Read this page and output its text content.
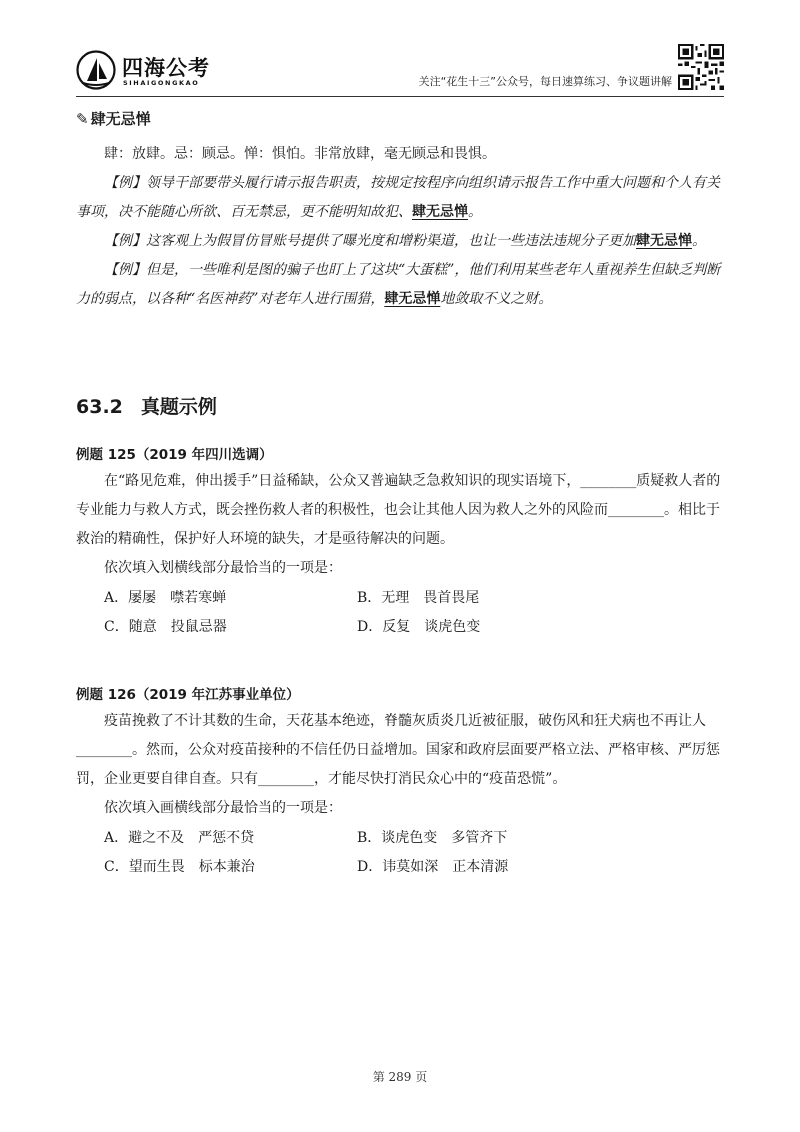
四海公考
SIHAIGONGKAO	关注“花生十三”公众号，每日速算练习、争议题讲解
✎ 肆无忌惮

肆：放肆。忌：顾忌。惮：惧怕。非常放肆，毫无顾忌和畏惧。

【例】领导干部要带头履行请示报告职责，按规定按程序向组织请示报告工作中重大问题和个人有关事项，决不能随心所欲、百无禁忌，更不能明知故犯、肆无忌惮。

【例】这客观上为假冒仿冒账号提供了曝光度和增粉渠道，也让一些违法违规分子更加肆无忌惮。

【例】但是，一些唯利是图的骗子也盯上了这块“大蛋糕”，他们利用某些老年人重视养生但缺乏判断力的弱点，以各种“名医神药”对老年人进行围猎，肆无忌惮地敛取不义之财。

63.2 真题示例
例题 125（2019 年四川选调）

在“路见危难，伸出援手”日益稀缺，公众又普遍缺乏急救知识的现实语境下，________质疑救人者的专业能力与救人方式，既会挫伤救人者的积极性，也会让其他人因为救人之外的风险而________。相比于救治的精确性，保护好人环境的缺失，才是亟待解决的问题。

依次填入划横线部分最恰当的一项是：

A．屡屡　噤若寒蝉	B．无理　畏首畏尾
C．随意　投鼠忌器	D．反复　谈虎色变
例题 126（2019 年江苏事业单位）

疫苗挽救了不计其数的生命，天花基本绝迹，脊髓灰质炎几近被征服，破伤风和狂犬病也不再让人________。然而，公众对疫苗接种的不信任仍日益增加。国家和政府层面要严格立法、严格审核、严厉惩罚，企业更要自律自查。只有________，才能尽快打消民众心中的“疫苗恐慌”。

依次填入画横线部分最恰当的一项是：

A．避之不及　严惩不贷	B．谈虎色变　多管齐下
C．望而生畏　标本兼治	D．讳莫如深　正本清源
第 289 页
